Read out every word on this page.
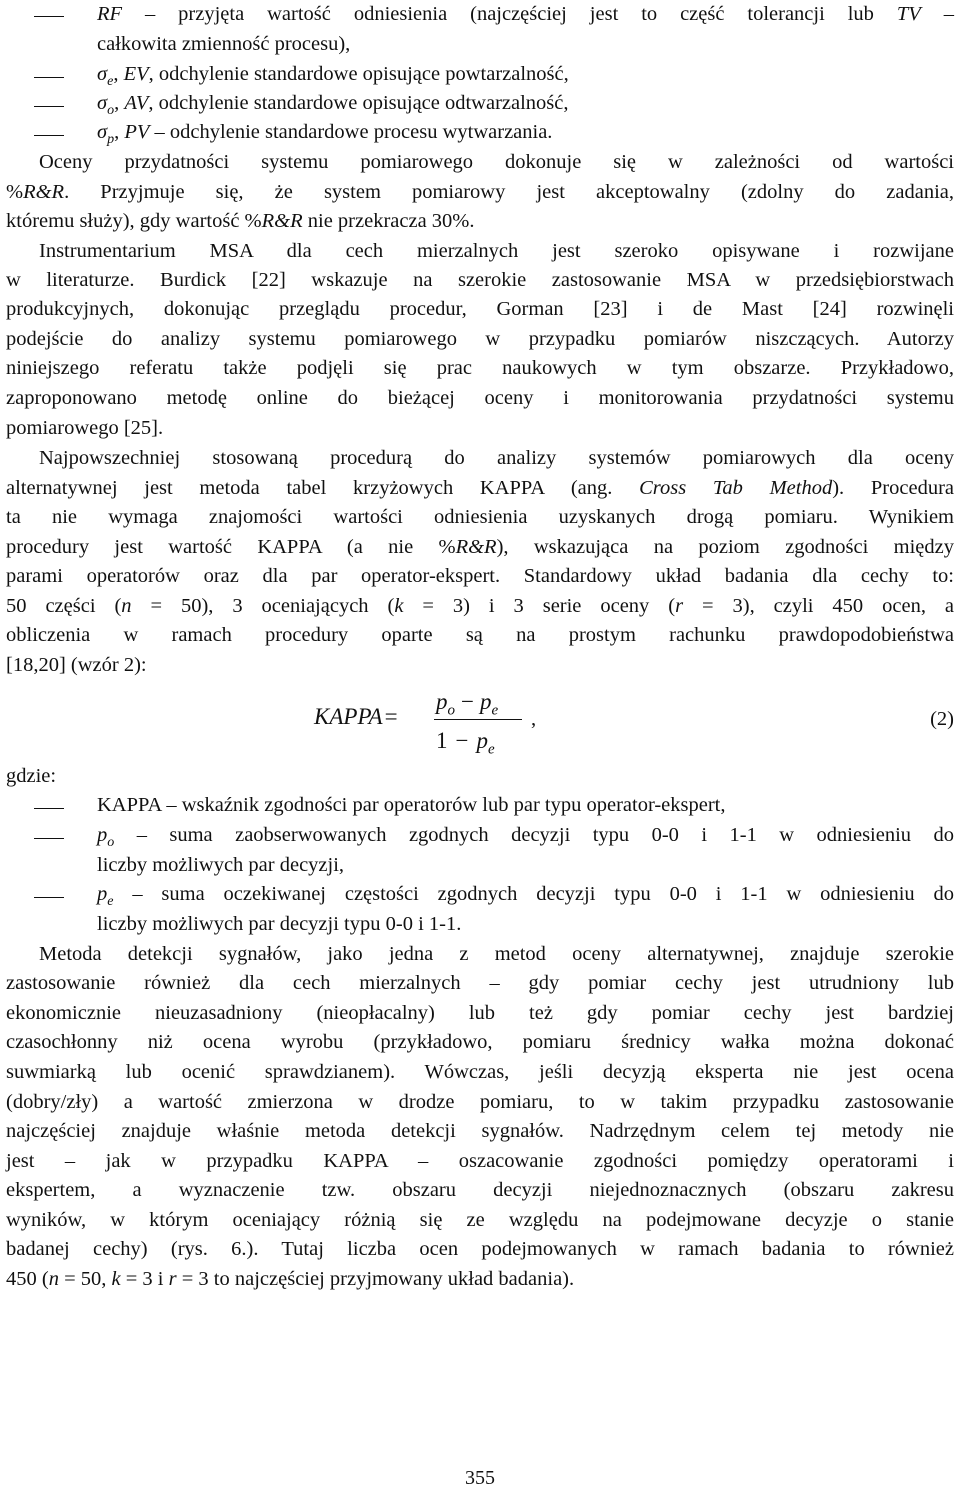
RF – przyjęta wartość odniesienia (najczęściej jest to część tolerancji lub TV –
całkowita zmienność procesu),
$\sigma_e$, EV, odchylenie standardowe opisujące powtarzalność,
$\sigma_o$, AV, odchylenie standardowe opisujące odtwarzalność,
$\sigma_p$, PV – odchylenie standardowe procesu wytwarzania.
Oceny przydatności systemu pomiarowego dokonuje się w zależności od wartości
%R&R. Przyjmuje się, że system pomiarowy jest akceptowalny (zdolny do zadania,
któremu służy), gdy wartość %R&R nie przekracza 30%.
Instrumentarium MSA dla cech mierzalnych jest szeroko opisywane i rozwijane
w literaturze. Burdick [22] wskazuje na szerokie zastosowanie MSA w przedsiębiorstwach
produkcyjnych, dokonując przeglądu procedur, Gorman [23] i de Mast [24] rozwinęli
podejście do analizy systemu pomiarowego w przypadku pomiarów niszczących. Autorzy
niniejszego referatu także podjęli się prac naukowych w tym obszarze. Przykładowo,
zaproponowano metodę online do bieżącej oceny i monitorowania przydatności systemu
pomiarowego [25].
Najpowszechniej stosowaną procedurą do analizy systemów pomiarowych dla oceny
alternatywnej jest metoda tabel krzyżowych KAPPA (ang. Cross Tab Method). Procedura
ta nie wymaga znajomości wartości odniesienia uzyskanych drogą pomiaru. Wynikiem
procedury jest wartość KAPPA (a nie %R&R), wskazująca na poziom zgodności między
parami operatorów oraz dla par operator-ekspert. Standardowy układ badania dla cechy to:
50 części (n = 50), 3 oceniających (k = 3) i 3 serie oceny (r = 3), czyli 450 ocen, a
obliczenia w ramach procedury oparte są na prostym rachunku prawdopodobieństwa
[18,20] (wzór 2):
KAPPA=
$p_o - p_e$
$1 - p_e$
,	(2)
gdzie:
KAPPA – wskaźnik zgodności par operatorów lub par typu operator-ekspert,
$p_o$ – suma zaobserwowanych zgodnych decyzji typu 0-0 i 1-1 w odniesieniu do
liczby możliwych par decyzji,
$p_e$ – suma oczekiwanej częstości zgodnych decyzji typu 0-0 i 1-1 w odniesieniu do
liczby możliwych par decyzji typu 0-0 i 1-1.
Metoda detekcji sygnałów, jako jedna z metod oceny alternatywnej, znajduje szerokie
zastosowanie również dla cech mierzalnych – gdy pomiar cechy jest utrudniony lub
ekonomicznie nieuzasadniony (nieopłacalny) lub też gdy pomiar cechy jest bardziej
czasochłonny niż ocena wyrobu (przykładowo, pomiaru średnicy wałka można dokonać
suwmiarką lub ocenić sprawdzianem). Wówczas, jeśli decyzją eksperta nie jest ocena
(dobry/zły) a wartość zmierzona w drodze pomiaru, to w takim przypadku zastosowanie
najczęściej znajduje właśnie metoda detekcji sygnałów. Nadrzędnym celem tej metody nie
jest – jak w przypadku KAPPA – oszacowanie zgodności pomiędzy operatorami i
ekspertem, a wyznaczenie tzw. obszaru decyzji niejednoznacznych (obszaru zakresu
wyników, w którym oceniający różnią się ze względu na podejmowane decyzje o stanie
badanej cechy) (rys. 6.). Tutaj liczba ocen podejmowanych w ramach badania to również
450 (n = 50, k = 3 i r = 3 to najczęściej przyjmowany układ badania).
355
